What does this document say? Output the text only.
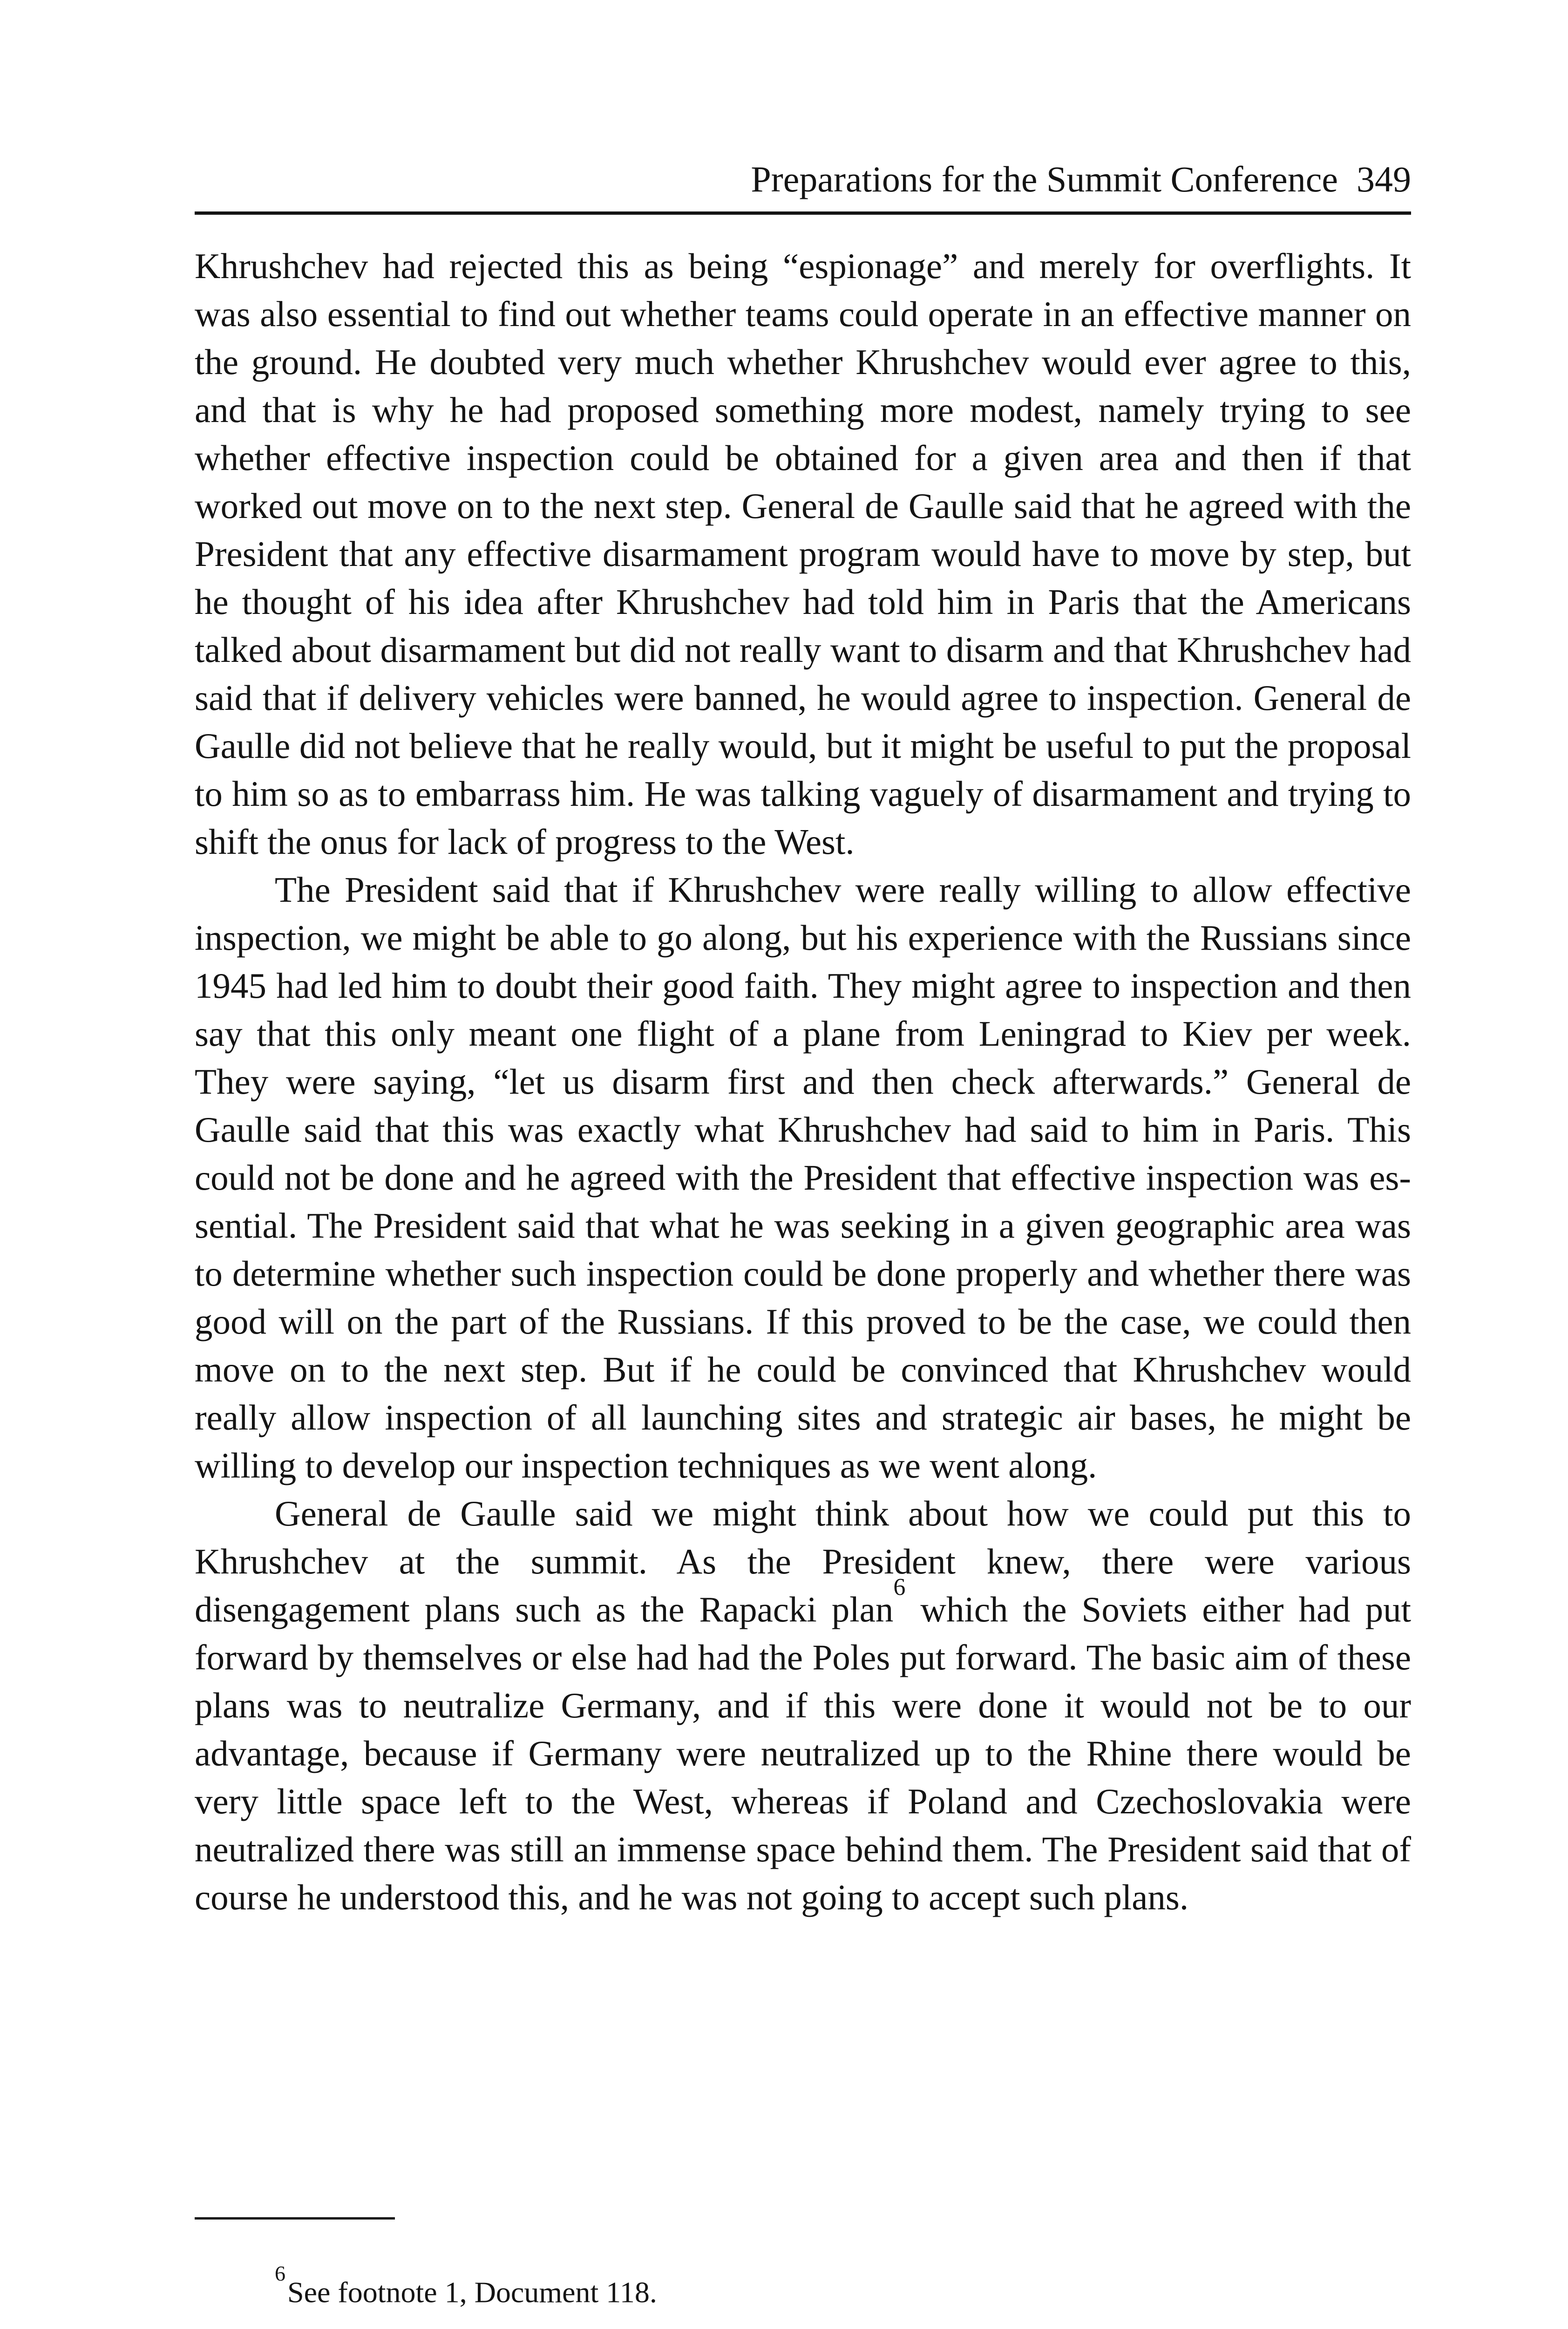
Preparations for the Summit Conference 349

Khrushchev had rejected this as being “espionage” and merely for overflights. It was also essential to find out whether teams could operate in an effective manner on the ground. He doubted very much whether Khrushchev would ever agree to this, and that is why he had proposed something more modest, namely trying to see whether effective inspection could be obtained for a given area and then if that worked out move on to the next step. General de Gaulle said that he agreed with the President that any effective disarmament program would have to move by step, but he thought of his idea after Khrushchev had told him in Paris that the Americans talked about disarmament but did not really want to disarm and that Khrushchev had said that if delivery vehicles were banned, he would agree to inspection. General de Gaulle did not believe that he really would, but it might be useful to put the proposal to him so as to embarrass him. He was talking vaguely of disarmament and trying to shift the onus for lack of progress to the West.

The President said that if Khrushchev were really willing to allow effective inspection, we might be able to go along, but his experience with the Russians since 1945 had led him to doubt their good faith. They might agree to inspection and then say that this only meant one flight of a plane from Leningrad to Kiev per week. They were saying, “let us disarm first and then check afterwards.” General de Gaulle said that this was exactly what Khrushchev had said to him in Paris. This could not be done and he agreed with the President that effective inspection was essential. The President said that what he was seeking in a given geographic area was to determine whether such inspection could be done properly and whether there was good will on the part of the Russians. If this proved to be the case, we could then move on to the next step. But if he could be convinced that Khrushchev would really allow inspection of all launching sites and strategic air bases, he might be willing to develop our inspection techniques as we went along.

General de Gaulle said we might think about how we could put this to Khrushchev at the summit. As the President knew, there were various disengagement plans such as the Rapacki plan$^6$ which the Soviets either had put forward by themselves or else had had the Poles put forward. The basic aim of these plans was to neutralize Germany, and if this were done it would not be to our advantage, because if Germany were neutralized up to the Rhine there would be very little space left to the West, whereas if Poland and Czechoslovakia were neutralized there was still an immense space behind them. The President said that of course he understood this, and he was not going to accept such plans.

$^6$See footnote 1, Document 118.
